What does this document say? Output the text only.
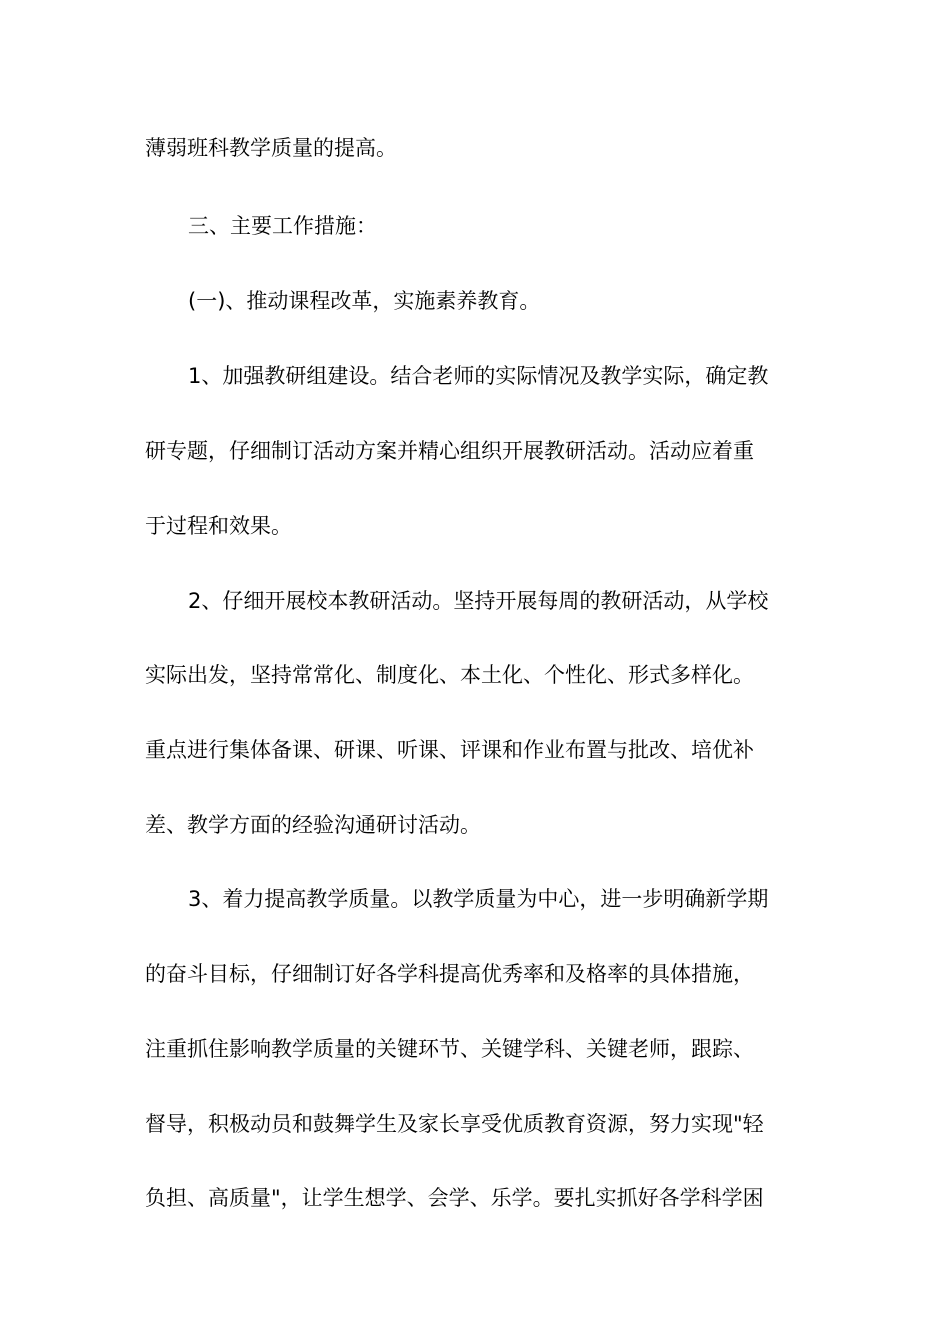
薄弱班科教学质量的提高。
三、主要工作措施：
(一)、推动课程改革，实施素养教育。
1、加强教研组建设。结合老师的实际情况及教学实际，确定教
研专题，仔细制订活动方案并精心组织开展教研活动。活动应着重
于过程和效果。
2、仔细开展校本教研活动。坚持开展每周的教研活动，从学校
实际出发，坚持常常化、制度化、本土化、个性化、形式多样化。
重点进行集体备课、研课、听课、评课和作业布置与批改、培优补
差、教学方面的经验沟通研讨活动。
3、着力提高教学质量。以教学质量为中心，进一步明确新学期
的奋斗目标，仔细制订好各学科提高优秀率和及格率的具体措施，
注重抓住影响教学质量的关键环节、关键学科、关键老师，跟踪、
督导，积极动员和鼓舞学生及家长享受优质教育资源，努力实现"轻
负担、高质量"，让学生想学、会学、乐学。要扎实抓好各学科学困
